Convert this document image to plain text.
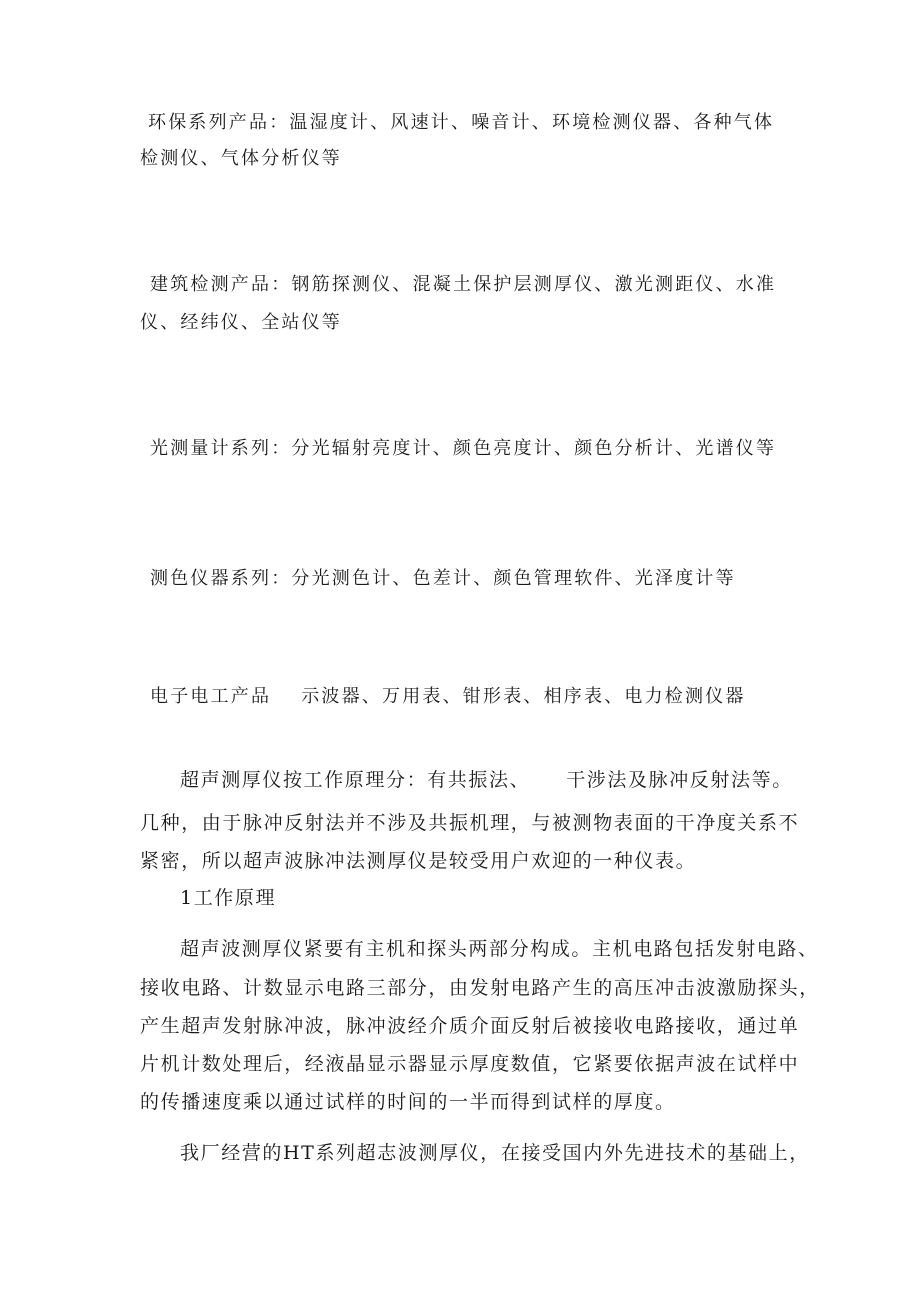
环保系列产品：温湿度计、风速计、噪音计、环境检测仪器、各种气体

检测仪、气体分析仪等

建筑检测产品：钢筋探测仪、混凝土保护层测厚仪、激光测距仪、水准

仪、经纬仪、全站仪等

光测量计系列：分光辐射亮度计、颜色亮度计、颜色分析计、光谱仪等

测色仪器系列：分光测色计、色差计、颜色管理软件、光泽度计等

电子电工产品 示波器、万用表、钳形表、相序表、电力检测仪器

超声测厚仪按工作原理分：有共振法、 干涉法及脉冲反射法等。

几种，由于脉冲反射法并不涉及共振机理，与被测物表面的干净度关系不

紧密，所以超声波脉冲法测厚仪是较受用户欢迎的一种仪表。

1工作原理

超声波测厚仪紧要有主机和探头两部分构成。主机电路包括发射电路、

接收电路、计数显示电路三部分，由发射电路产生的高压冲击波激励探头，

产生超声发射脉冲波，脉冲波经介质介面反射后被接收电路接收，通过单

片机计数处理后，经液晶显示器显示厚度数值，它紧要依据声波在试样中

的传播速度乘以通过试样的时间的一半而得到试样的厚度。

我厂经营的HT系列超志波测厚仪，在接受国内外先进技术的基础上，
